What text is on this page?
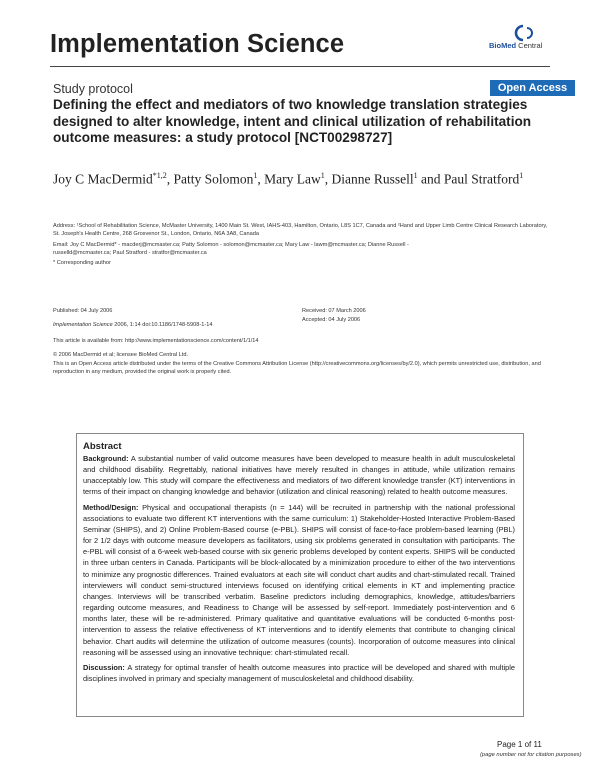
Implementation Science	BioMed Central
Study protocol	Open Access
Defining the effect and mediators of two knowledge translation strategies designed to alter knowledge, intent and clinical utilization of rehabilitation outcome measures: a study protocol [NCT00298727]
Joy C MacDermid$^{*1,2}$, Patty Solomon$^1$, Mary Law$^1$, Dianne Russell$^1$ and Paul Stratford$^1$
Address: ¹School of Rehabilitation Science, McMaster University, 1400 Main St. West, IAHS-403, Hamilton, Ontario, L8S 1C7, Canada and ²Hand and Upper Limb Centre Clinical Research Laboratory, St. Joseph's Health Centre, 268 Grosvenor St., London, Ontario, N6A 3A8, Canada
Email: Joy C MacDermid* - macderj@mcmaster.ca; Patty Solomon - solomon@mcmaster.ca; Mary Law - lawm@mcmaster.ca; Dianne Russell - russelld@mcmaster.ca; Paul Stratford - stratfor@mcmaster.ca
* Corresponding author
Published: 04 July 2006	Received: 07 March 2006
Accepted: 04 July 2006
Implementation Science 2006, 1:14 doi:10.1186/1748-5908-1-14
This article is available from: http://www.implementationscience.com/content/1/1/14
© 2006 MacDermid et al; licensee BioMed Central Ltd.
This is an Open Access article distributed under the terms of the Creative Commons Attribution License (http://creativecommons.org/licenses/by/2.0), which permits unrestricted use, distribution, and reproduction in any medium, provided the original work is properly cited.
Abstract

Background: A substantial number of valid outcome measures have been developed to measure health in adult musculoskeletal and childhood disability. Regrettably, national initiatives have merely resulted in changes in attitude, while utilization remains unacceptably low. This study will compare the effectiveness and mediators of two different knowledge transfer (KT) interventions in terms of their impact on changing knowledge and behavior (utilization and clinical reasoning) related to health outcome measures.

Method/Design: Physical and occupational therapists (n = 144) will be recruited in partnership with the national professional associations to evaluate two different KT interventions with the same curriculum: 1) Stakeholder-Hosted Interactive Problem-Based Seminar (SHIPS), and 2) Online Problem-Based course (e-PBL). SHIPS will consist of face-to-face problem-based learning (PBL) for 2 1/2 days with outcome measure developers as facilitators, using six problems generated in consultation with participants. The e-PBL will consist of a 6-week web-based course with six generic problems developed by content experts. SHIPS will be conducted in three urban centers in Canada. Participants will be block-allocated by a minimization procedure to either of the two interventions to minimize any prognostic differences. Trained evaluators at each site will conduct chart audits and chart-stimulated recall. Trained interviewers will conduct semi-structured interviews focused on identifying critical elements in KT and implementing practice changes. Interviews will be transcribed verbatim. Baseline predictors including demographics, knowledge, attitudes/barriers regarding outcome measures, and Readiness to Change will be assessed by self-report. Immediately post-intervention and 6 months later, these will be re-administered. Primary qualitative and quantitative evaluations will be conducted 6-months post-intervention to assess the relative effectiveness of KT interventions and to identify elements that contribute to changing clinical behavior. Chart audits will determine the utilization of outcome measures (counts). Incorporation of outcome measures into clinical reasoning will be assessed using an innovative technique: chart-stimulated recall.

Discussion: A strategy for optimal transfer of health outcome measures into practice will be developed and shared with multiple disciplines involved in primary and specialty management of musculoskeletal and childhood disability.

Page 1 of 11
(page number not for citation purposes)
